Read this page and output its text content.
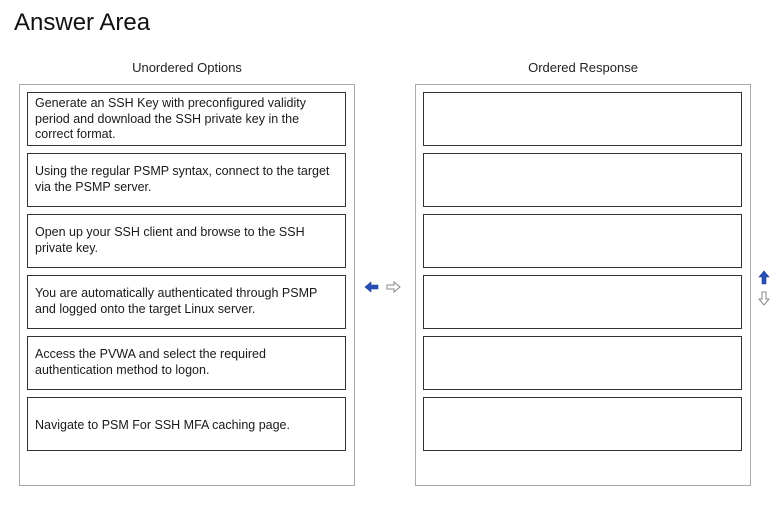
Answer Area
Unordered Options	Ordered Response
Generate an SSH Key with preconfigured validity period and download the SSH private key in the correct format.
Using the regular PSMP syntax, connect to the target via the PSMP server.
Open up your SSH client and browse to the SSH private key.
You are automatically authenticated through PSMP and logged onto the target Linux server.
Access the PVWA and select the required authentication method to logon.
Navigate to PSM For SSH MFA caching page.
